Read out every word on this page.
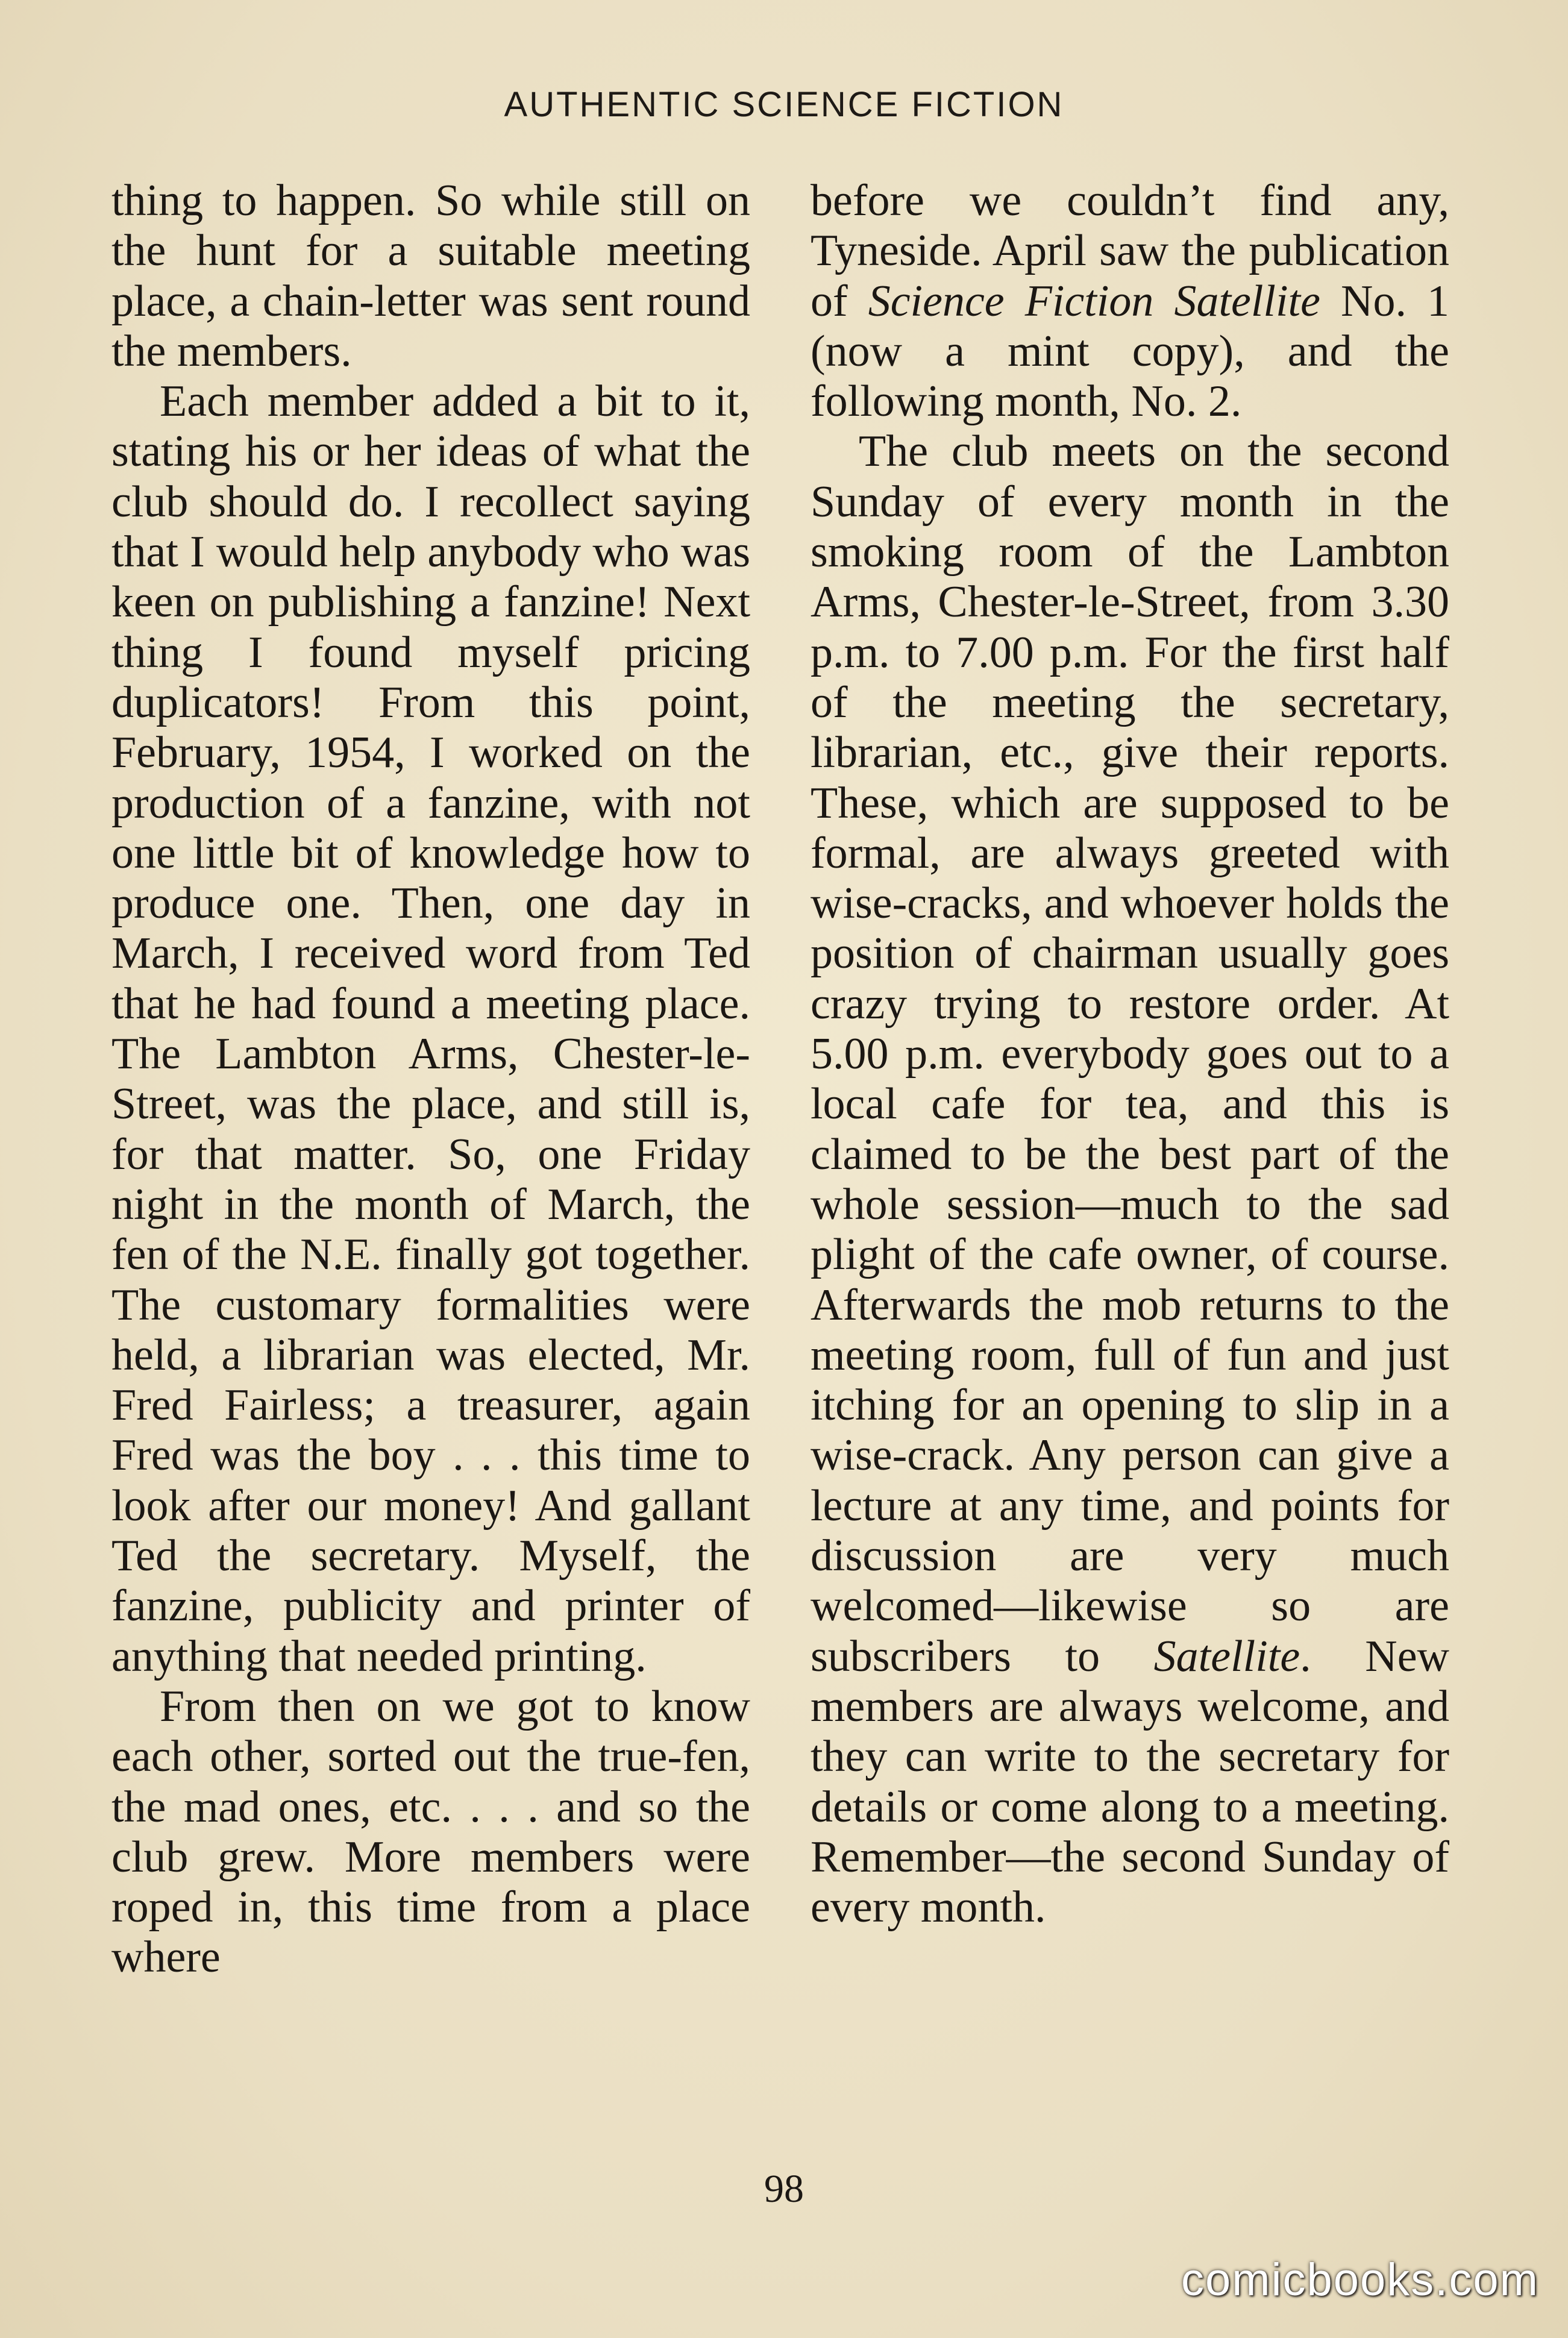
AUTHENTIC SCIENCE FICTION

thing to happen. So while still on the hunt for a suitable meeting place, a chain-letter was sent round the members.

Each member added a bit to it, stating his or her ideas of what the club should do. I recollect saying that I would help anybody who was keen on publishing a fanzine! Next thing I found myself pricing duplicators! From this point, February, 1954, I worked on the production of a fanzine, with not one little bit of knowledge how to produce one. Then, one day in March, I received word from Ted that he had found a meeting place. The Lambton Arms, Chester-le-Street, was the place, and still is, for that matter. So, one Friday night in the month of March, the fen of the N.E. finally got together. The customary formalities were held, a librarian was elected, Mr. Fred Fairless; a treasurer, again Fred was the boy . . . this time to look after our money! And gallant Ted the secretary. Myself, the fanzine, publicity and printer of anything that needed printing.

From then on we got to know each other, sorted out the true-fen, the mad ones, etc. . . . and so the club grew. More members were roped in, this time from a place where

before we couldn’t find any, Tyneside. April saw the publication of Science Fiction Satellite No. 1 (now a mint copy), and the following month, No. 2.

The club meets on the second Sunday of every month in the smoking room of the Lambton Arms, Chester-le-Street, from 3.30 p.m. to 7.00 p.m. For the first half of the meeting the secretary, librarian, etc., give their reports. These, which are supposed to be formal, are always greeted with wise-cracks, and whoever holds the position of chairman usually goes crazy trying to restore order. At 5.00 p.m. everybody goes out to a local cafe for tea, and this is claimed to be the best part of the whole session—much to the sad plight of the cafe owner, of course. Afterwards the mob returns to the meeting room, full of fun and just itching for an opening to slip in a wise-crack. Any person can give a lecture at any time, and points for discussion are very much welcomed—likewise so are subscribers to Satellite. New members are always welcome, and they can write to the secretary for details or come along to a meeting. Remember—the second Sunday of every month.

98
comicbooks.com
